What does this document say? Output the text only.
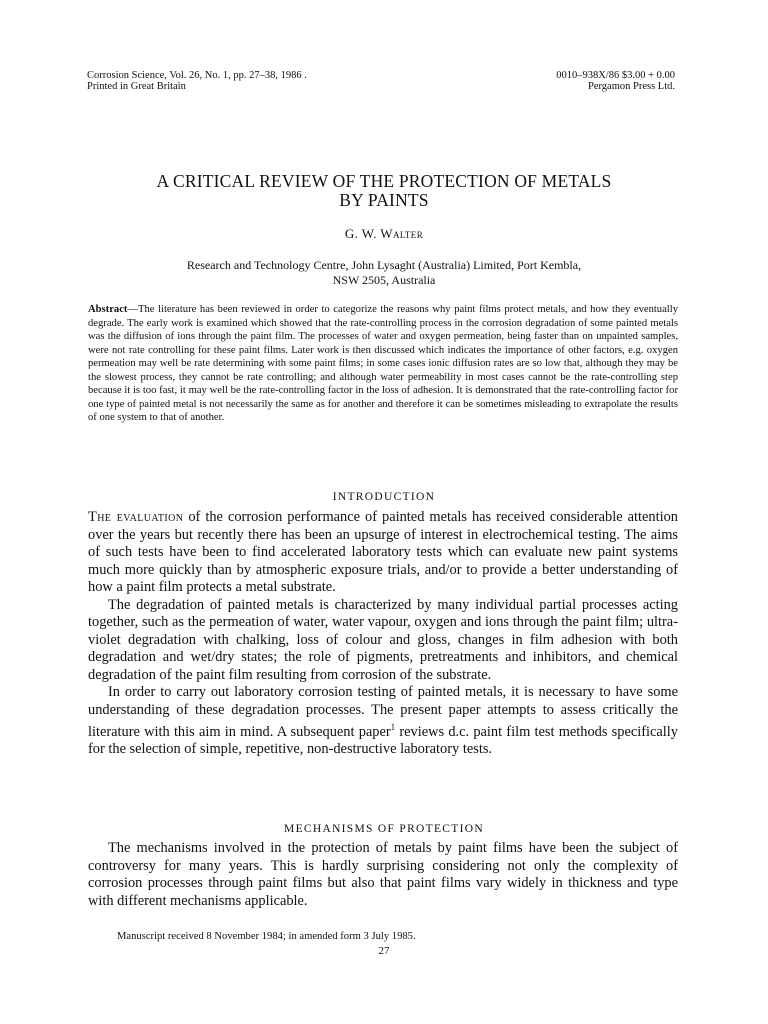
Corrosion Science, Vol. 26, No. 1, pp. 27–38, 1986 .
Printed in Great Britain
0010–938X/86 $3.00 + 0.00
Pergamon Press Ltd.
A CRITICAL REVIEW OF THE PROTECTION OF METALS
BY PAINTS
G. W. Walter
Research and Technology Centre, John Lysaght (Australia) Limited, Port Kembla,
NSW 2505, Australia
Abstract—The literature has been reviewed in order to categorize the reasons why paint films protect metals, and how they eventually degrade. The early work is examined which showed that the rate-controlling process in the corrosion degradation of some painted metals was the diffusion of ions through the paint film. The processes of water and oxygen permeation, being faster than on unpainted samples, were not rate controlling for these paint films. Later work is then discussed which indicates the importance of other factors, e.g. oxygen permeation may well be rate determining with some paint films; in some cases ionic diffusion rates are so low that, although they may be the slowest process, they cannot be rate controlling; and although water permeability in most cases cannot be the rate-controlling step because it is too fast, it may well be the rate-controlling factor in the loss of adhesion. It is demonstrated that the rate-controlling factor for one type of painted metal is not necessarily the same as for another and therefore it can be sometimes misleading to extrapolate the results of one system to that of another.
INTRODUCTION

The evaluation of the corrosion performance of painted metals has received considerable attention over the years but recently there has been an upsurge of interest in electrochemical testing. The aims of such tests have been to find accelerated laboratory tests which can evaluate new paint systems much more quickly than by atmospheric exposure trials, and/or to provide a better understanding of how a paint film protects a metal substrate.

The degradation of painted metals is characterized by many individual partial processes acting together, such as the permeation of water, water vapour, oxygen and ions through the paint film; ultra-violet degradation with chalking, loss of colour and gloss, changes in film adhesion with both degradation and wet/dry states; the role of pigments, pretreatments and inhibitors, and chemical degradation of the paint film resulting from corrosion of the substrate.

In order to carry out laboratory corrosion testing of painted metals, it is necessary to have some understanding of these degradation processes. The present paper attempts to assess critically the literature with this aim in mind. A subsequent paper$^1$ reviews d.c. paint film test methods specifically for the selection of simple, repetitive, non-destructive laboratory tests.

MECHANISMS OF PROTECTION

The mechanisms involved in the protection of metals by paint films have been the subject of controversy for many years. This is hardly surprising considering not only the complexity of corrosion processes through paint films but also that paint films vary widely in thickness and type with different mechanisms applicable.

Manuscript received 8 November 1984; in amended form 3 July 1985.
27
